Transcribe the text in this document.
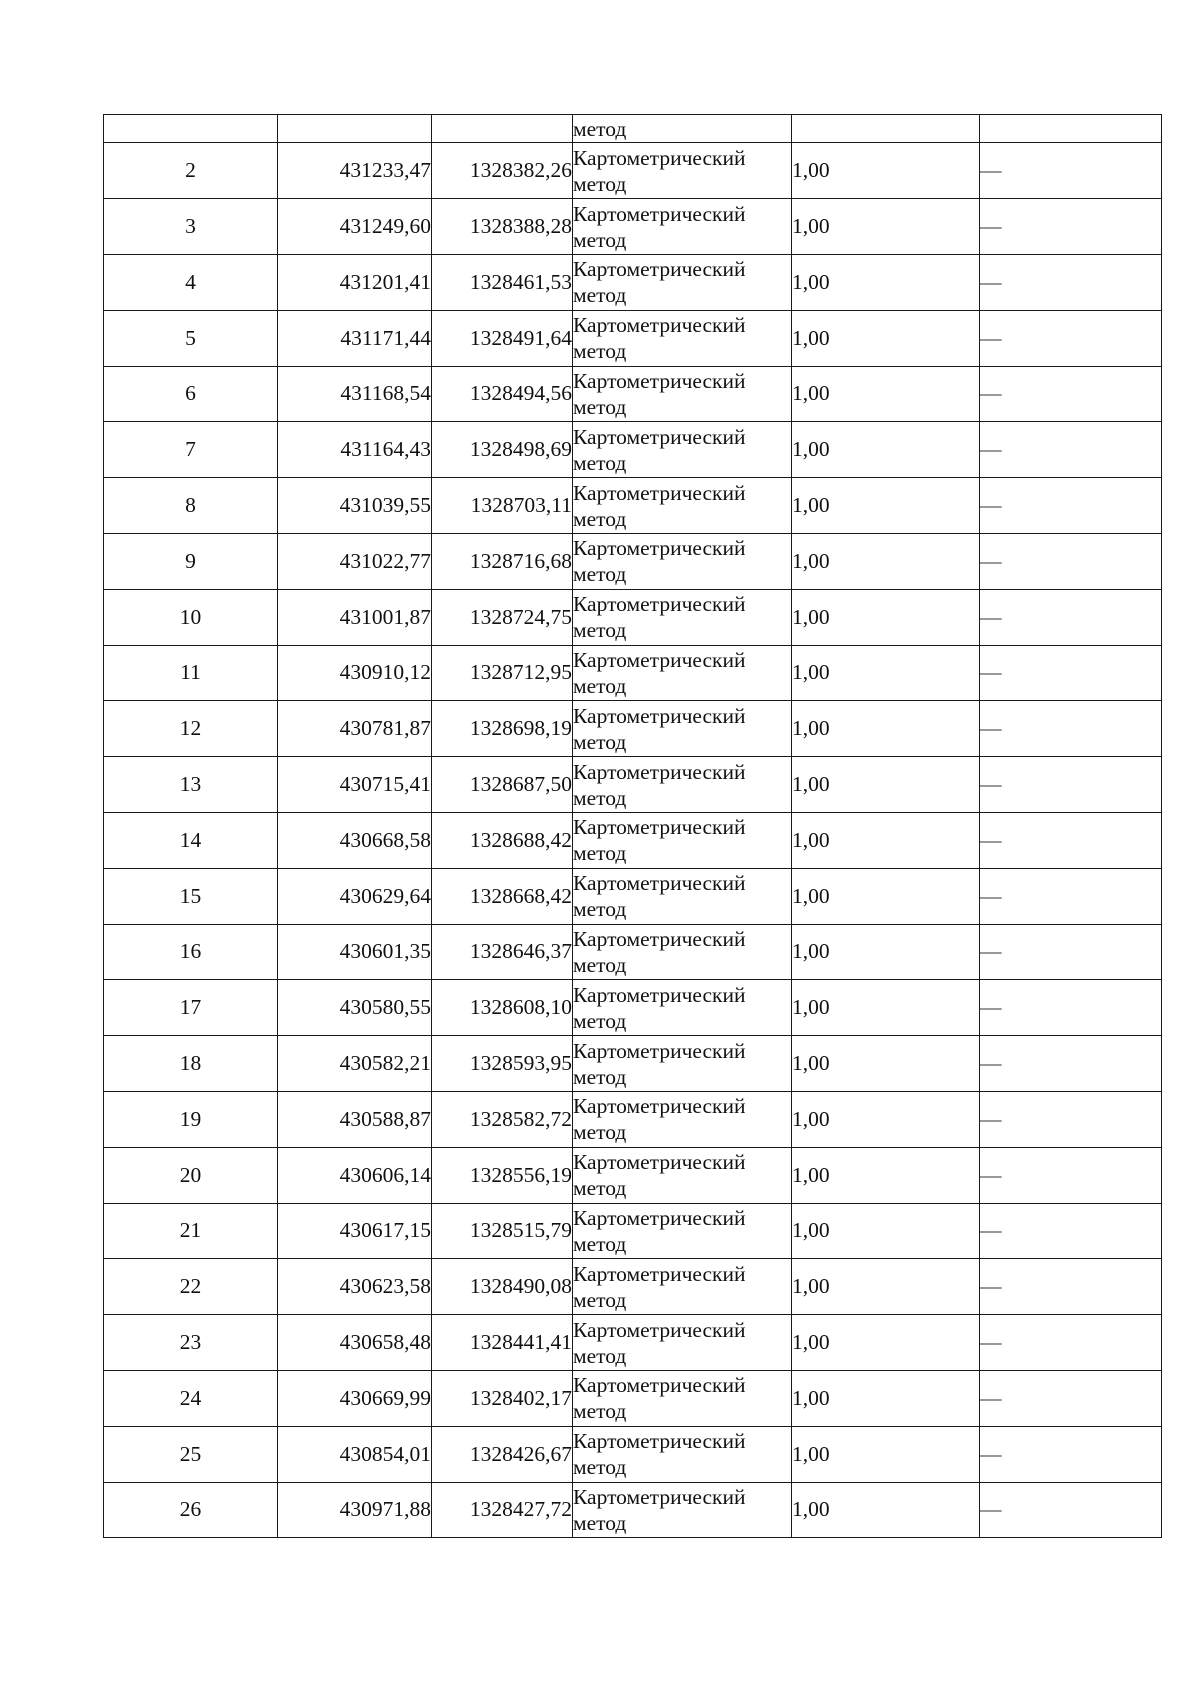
			метод		

2	431233,47	1328382,26	Картометрический
метод	1,00	—
3	431249,60	1328388,28	Картометрический
метод	1,00	—
4	431201,41	1328461,53	Картометрический
метод	1,00	—
5	431171,44	1328491,64	Картометрический
метод	1,00	—
6	431168,54	1328494,56	Картометрический
метод	1,00	—
7	431164,43	1328498,69	Картометрический
метод	1,00	—
8	431039,55	1328703,11	Картометрический
метод	1,00	—
9	431022,77	1328716,68	Картометрический
метод	1,00	—
10	431001,87	1328724,75	Картометрический
метод	1,00	—
11	430910,12	1328712,95	Картометрический
метод	1,00	—
12	430781,87	1328698,19	Картометрический
метод	1,00	—
13	430715,41	1328687,50	Картометрический
метод	1,00	—
14	430668,58	1328688,42	Картометрический
метод	1,00	—
15	430629,64	1328668,42	Картометрический
метод	1,00	—
16	430601,35	1328646,37	Картометрический
метод	1,00	—
17	430580,55	1328608,10	Картометрический
метод	1,00	—
18	430582,21	1328593,95	Картометрический
метод	1,00	—
19	430588,87	1328582,72	Картометрический
метод	1,00	—
20	430606,14	1328556,19	Картометрический
метод	1,00	—
21	430617,15	1328515,79	Картометрический
метод	1,00	—
22	430623,58	1328490,08	Картометрический
метод	1,00	—
23	430658,48	1328441,41	Картометрический
метод	1,00	—
24	430669,99	1328402,17	Картометрический
метод	1,00	—
25	430854,01	1328426,67	Картометрический
метод	1,00	—
26	430971,88	1328427,72	Картометрический
метод	1,00	—
